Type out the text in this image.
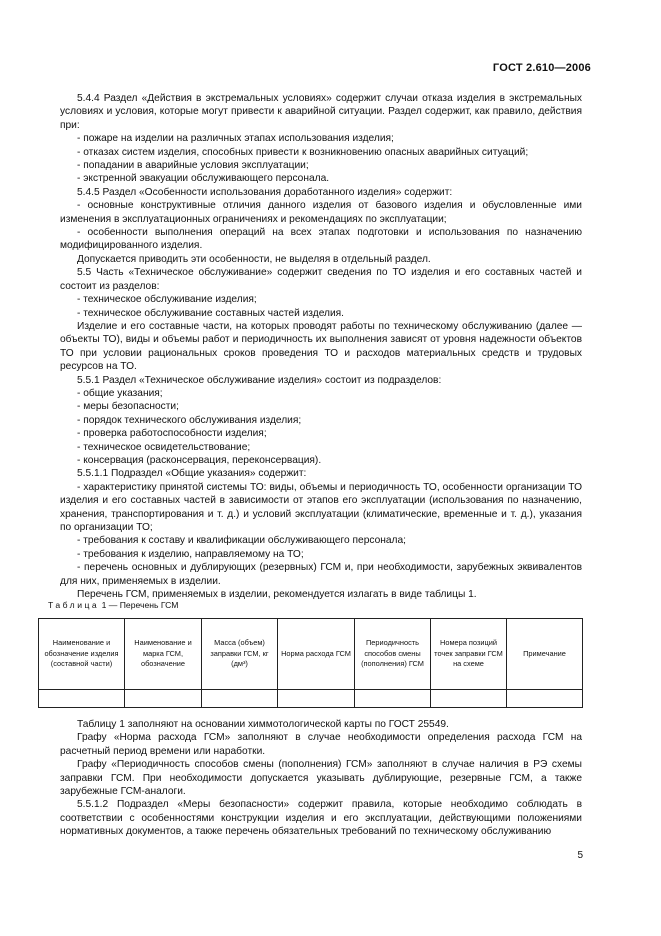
ГОСТ 2.610—2006

5.4.4 Раздел «Действия в экстремальных условиях» содержит случаи отказа изделия в экстремальных условиях и условия, которые могут привести к аварийной ситуации. Раздел содержит, как правило, действия при:

- пожаре на изделии на различных этапах использования изделия;

- отказах систем изделия, способных привести к возникновению опасных аварийных ситуаций;

- попадании в аварийные условия эксплуатации;

- экстренной эвакуации обслуживающего персонала.

5.4.5 Раздел «Особенности использования доработанного изделия» содержит:

- основные конструктивные отличия данного изделия от базового изделия и обусловленные ими изменения в эксплуатационных ограничениях и рекомендациях по эксплуатации;

- особенности выполнения операций на всех этапах подготовки и использования по назначению модифицированного изделия.

Допускается приводить эти особенности, не выделяя в отдельный раздел.

5.5 Часть «Техническое обслуживание» содержит сведения по ТО изделия и его составных частей и состоит из разделов:

- техническое обслуживание изделия;

- техническое обслуживание составных частей изделия.

Изделие и его составные части, на которых проводят работы по техническому обслуживанию (далее — объекты ТО), виды и объемы работ и периодичность их выполнения зависят от уровня надежности объектов ТО при условии рациональных сроков проведения ТО и расходов материальных средств и трудовых ресурсов на ТО.

5.5.1 Раздел «Техническое обслуживание изделия» состоит из подразделов:

- общие указания;

- меры безопасности;

- порядок технического обслуживания изделия;

- проверка работоспособности изделия;

- техническое освидетельствование;

- консервация (расконсервация, переконсервация).

5.5.1.1 Подраздел «Общие указания» содержит:

- характеристику принятой системы ТО: виды, объемы и периодичность ТО, особенности организации ТО изделия и его составных частей в зависимости от этапов его эксплуатации (использования по назначению, хранения, транспортирования и т. д.) и условий эксплуатации (климатические, временные и т. д.), указания по организации ТО;

- требования к составу и квалификации обслуживающего персонала;

- требования к изделию, направляемому на ТО;

- перечень основных и дублирующих (резервных) ГСМ и, при необходимости, зарубежных эквивалентов для них, применяемых в изделии.

Перечень ГСМ, применяемых в изделии, рекомендуется излагать в виде таблицы 1.

Таблица 1 — Перечень ГСМ
Наименование и обозначение изделия (составной части)	Наименование и марка ГСМ, обозначение	Масса (объем) заправки ГСМ, кг (дм³)	Норма расхода ГСМ	Периодичность способов смены (пополнения) ГСМ	Номера позиций точек заправки ГСМ на схеме	Примечание

Таблицу 1 заполняют на основании химмотологической карты по ГОСТ 25549.

Графу «Норма расхода ГСМ» заполняют в случае необходимости определения расхода ГСМ на расчетный период времени или наработки.

Графу «Периодичность способов смены (пополнения) ГСМ» заполняют в случае наличия в РЭ схемы заправки ГСМ. При необходимости допускается указывать дублирующие, резервные ГСМ, а также зарубежные ГСМ-аналоги.

5.5.1.2 Подраздел «Меры безопасности» содержит правила, которые необходимо соблюдать в соответствии с особенностями конструкции изделия и его эксплуатации, действующими положениями нормативных документов, а также перечень обязательных требований по техническому обслуживанию

5
